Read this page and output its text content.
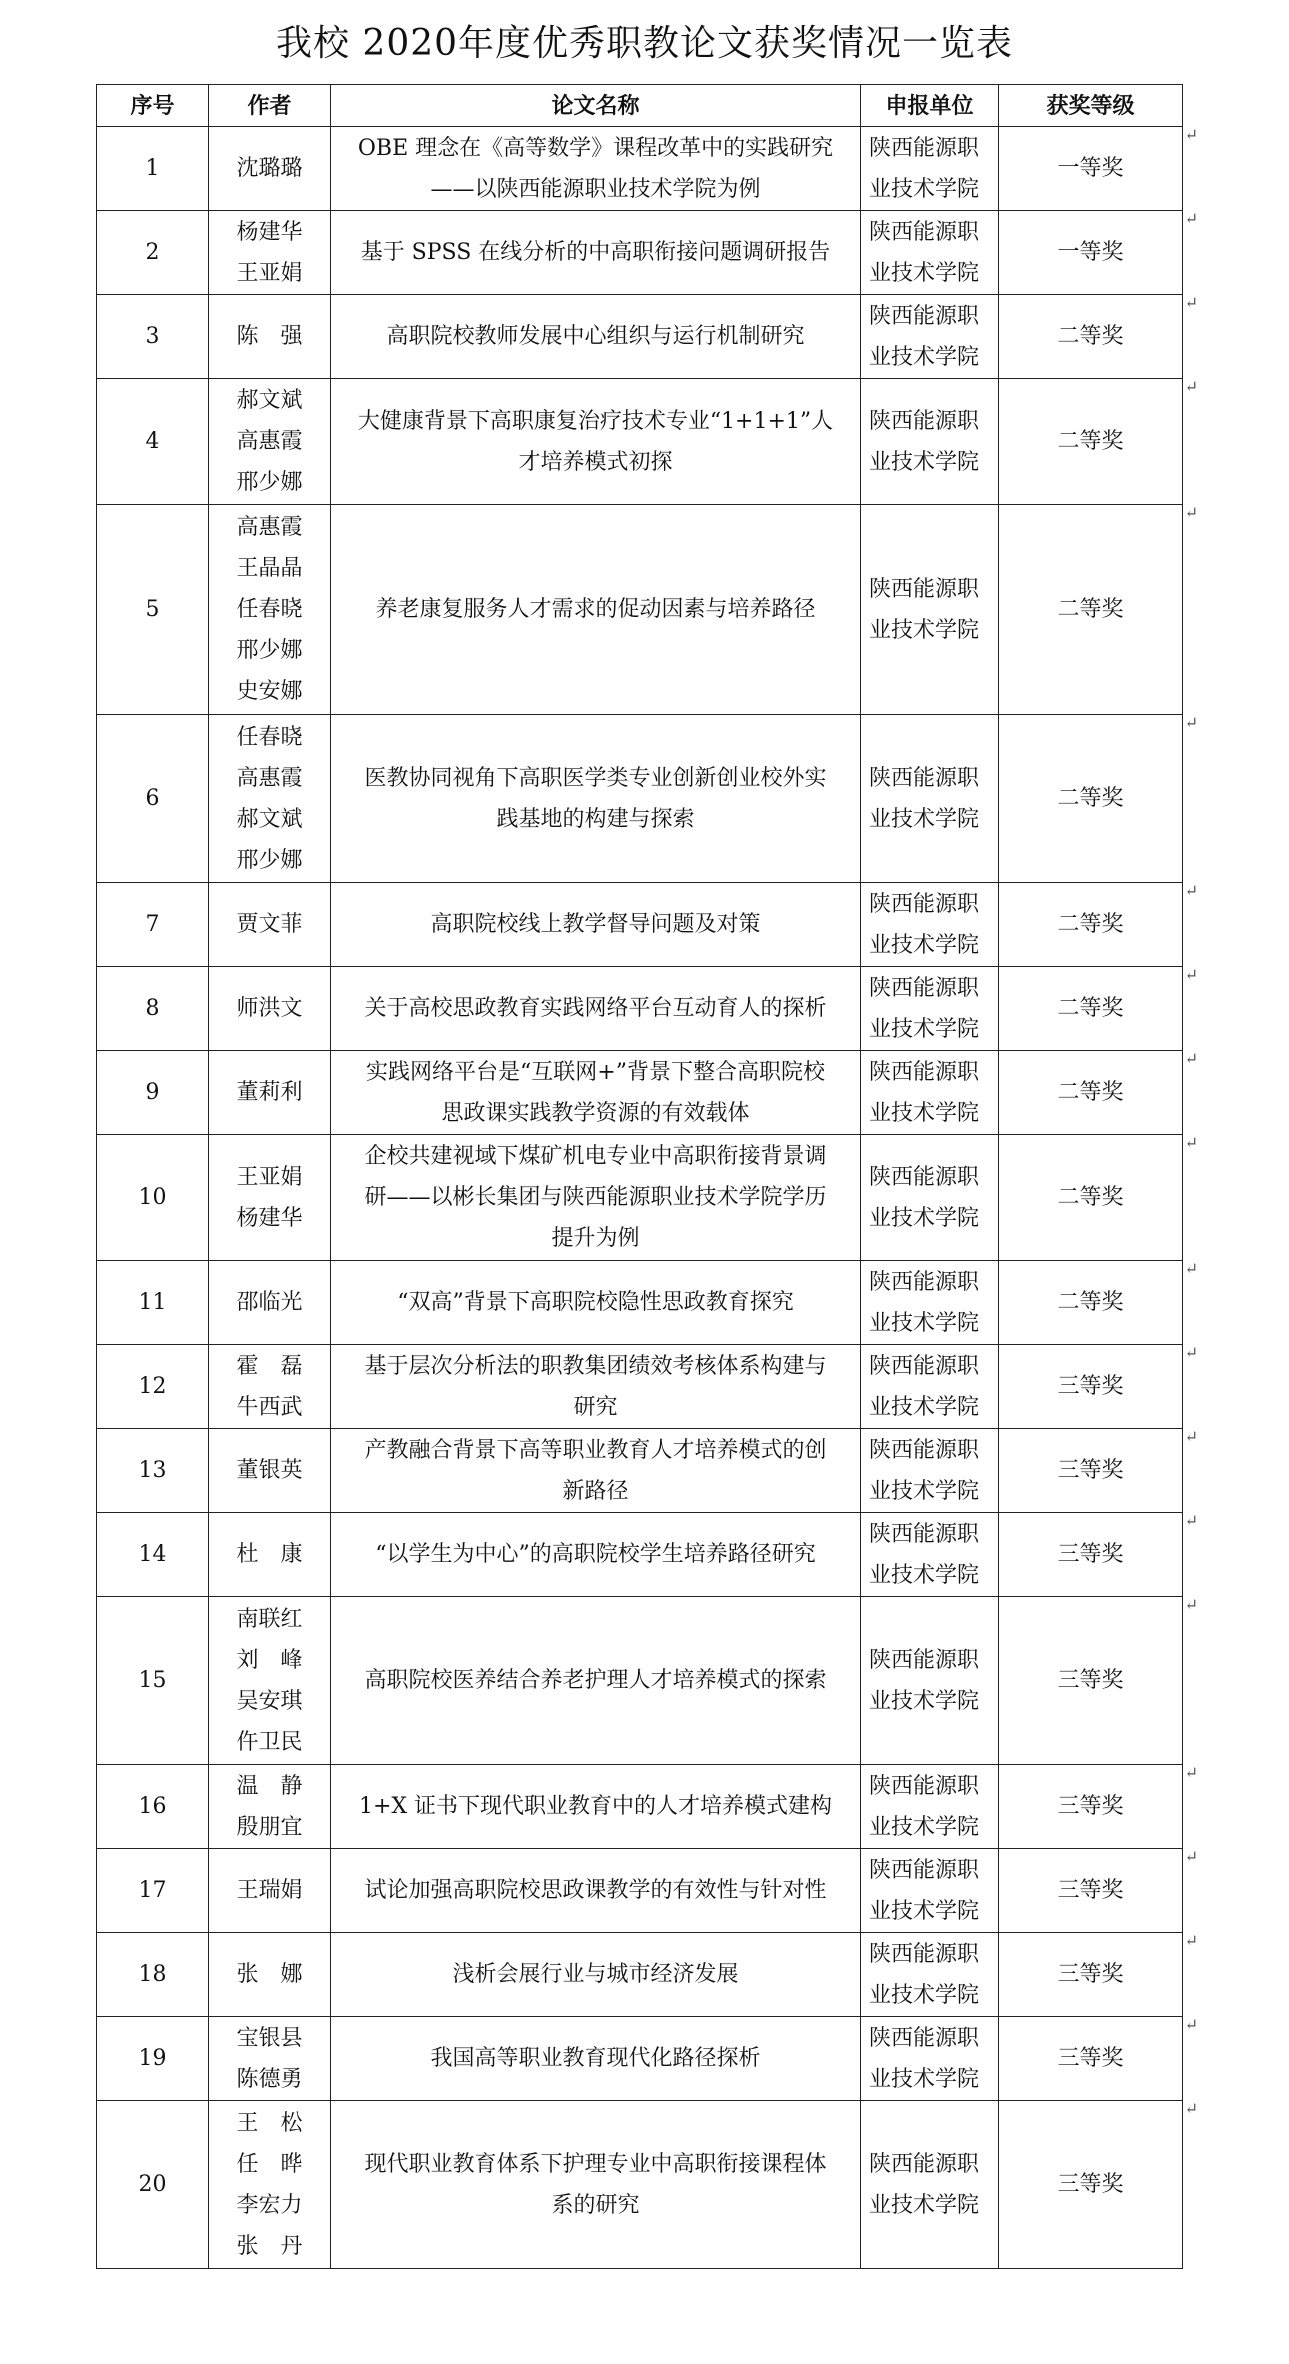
我校 2020年度优秀职教论文获奖情况一览表
序号	作者	论文名称	申报单位	获奖等级
1	沈璐璐	OBE 理念在《高等数学》课程改革中的实践研究
——以陕西能源职业技术学院为例	陕西能源职
业技术学院	一等奖
↵

2	杨建华
王亚娟	基于 SPSS 在线分析的中高职衔接问题调研报告	陕西能源职
业技术学院	一等奖
↵

3	陈　强	高职院校教师发展中心组织与运行机制研究	陕西能源职
业技术学院	二等奖
↵

4	郝文斌
高惠霞
邢少娜	大健康背景下高职康复治疗技术专业“1+1+1”人
才培养模式初探	陕西能源职
业技术学院	二等奖
↵

5	高惠霞
王晶晶
任春晓
邢少娜
史安娜	养老康复服务人才需求的促动因素与培养路径	陕西能源职
业技术学院	二等奖
↵

6	任春晓
高惠霞
郝文斌
邢少娜	医教协同视角下高职医学类专业创新创业校外实
践基地的构建与探索	陕西能源职
业技术学院	二等奖
↵

7	贾文菲	高职院校线上教学督导问题及对策	陕西能源职
业技术学院	二等奖
↵

8	师洪文	关于高校思政教育实践网络平台互动育人的探析	陕西能源职
业技术学院	二等奖
↵

9	董莉利	实践网络平台是“互联网+”背景下整合高职院校
思政课实践教学资源的有效载体	陕西能源职
业技术学院	二等奖
↵

10	王亚娟
杨建华	企校共建视域下煤矿机电专业中高职衔接背景调
研——以彬长集团与陕西能源职业技术学院学历
提升为例	陕西能源职
业技术学院	二等奖
↵

11	邵临光	“双高”背景下高职院校隐性思政教育探究	陕西能源职
业技术学院	二等奖
↵

12	霍　磊
牛西武	基于层次分析法的职教集团绩效考核体系构建与
研究	陕西能源职
业技术学院	三等奖
↵

13	董银英	产教融合背景下高等职业教育人才培养模式的创
新路径	陕西能源职
业技术学院	三等奖
↵

14	杜　康	“以学生为中心”的高职院校学生培养路径研究	陕西能源职
业技术学院	三等奖
↵

15	南联红
刘　峰
吴安琪
仵卫民	高职院校医养结合养老护理人才培养模式的探索	陕西能源职
业技术学院	三等奖
↵

16	温　静
殷朋宜	1+X 证书下现代职业教育中的人才培养模式建构	陕西能源职
业技术学院	三等奖
↵

17	王瑞娟	试论加强高职院校思政课教学的有效性与针对性	陕西能源职
业技术学院	三等奖
↵

18	张　娜	浅析会展行业与城市经济发展	陕西能源职
业技术学院	三等奖
↵

19	宝银县
陈德勇	我国高等职业教育现代化路径探析	陕西能源职
业技术学院	三等奖
↵

20	王　松
任　晔
李宏力
张　丹	现代职业教育体系下护理专业中高职衔接课程体
系的研究	陕西能源职
业技术学院	三等奖
↵
